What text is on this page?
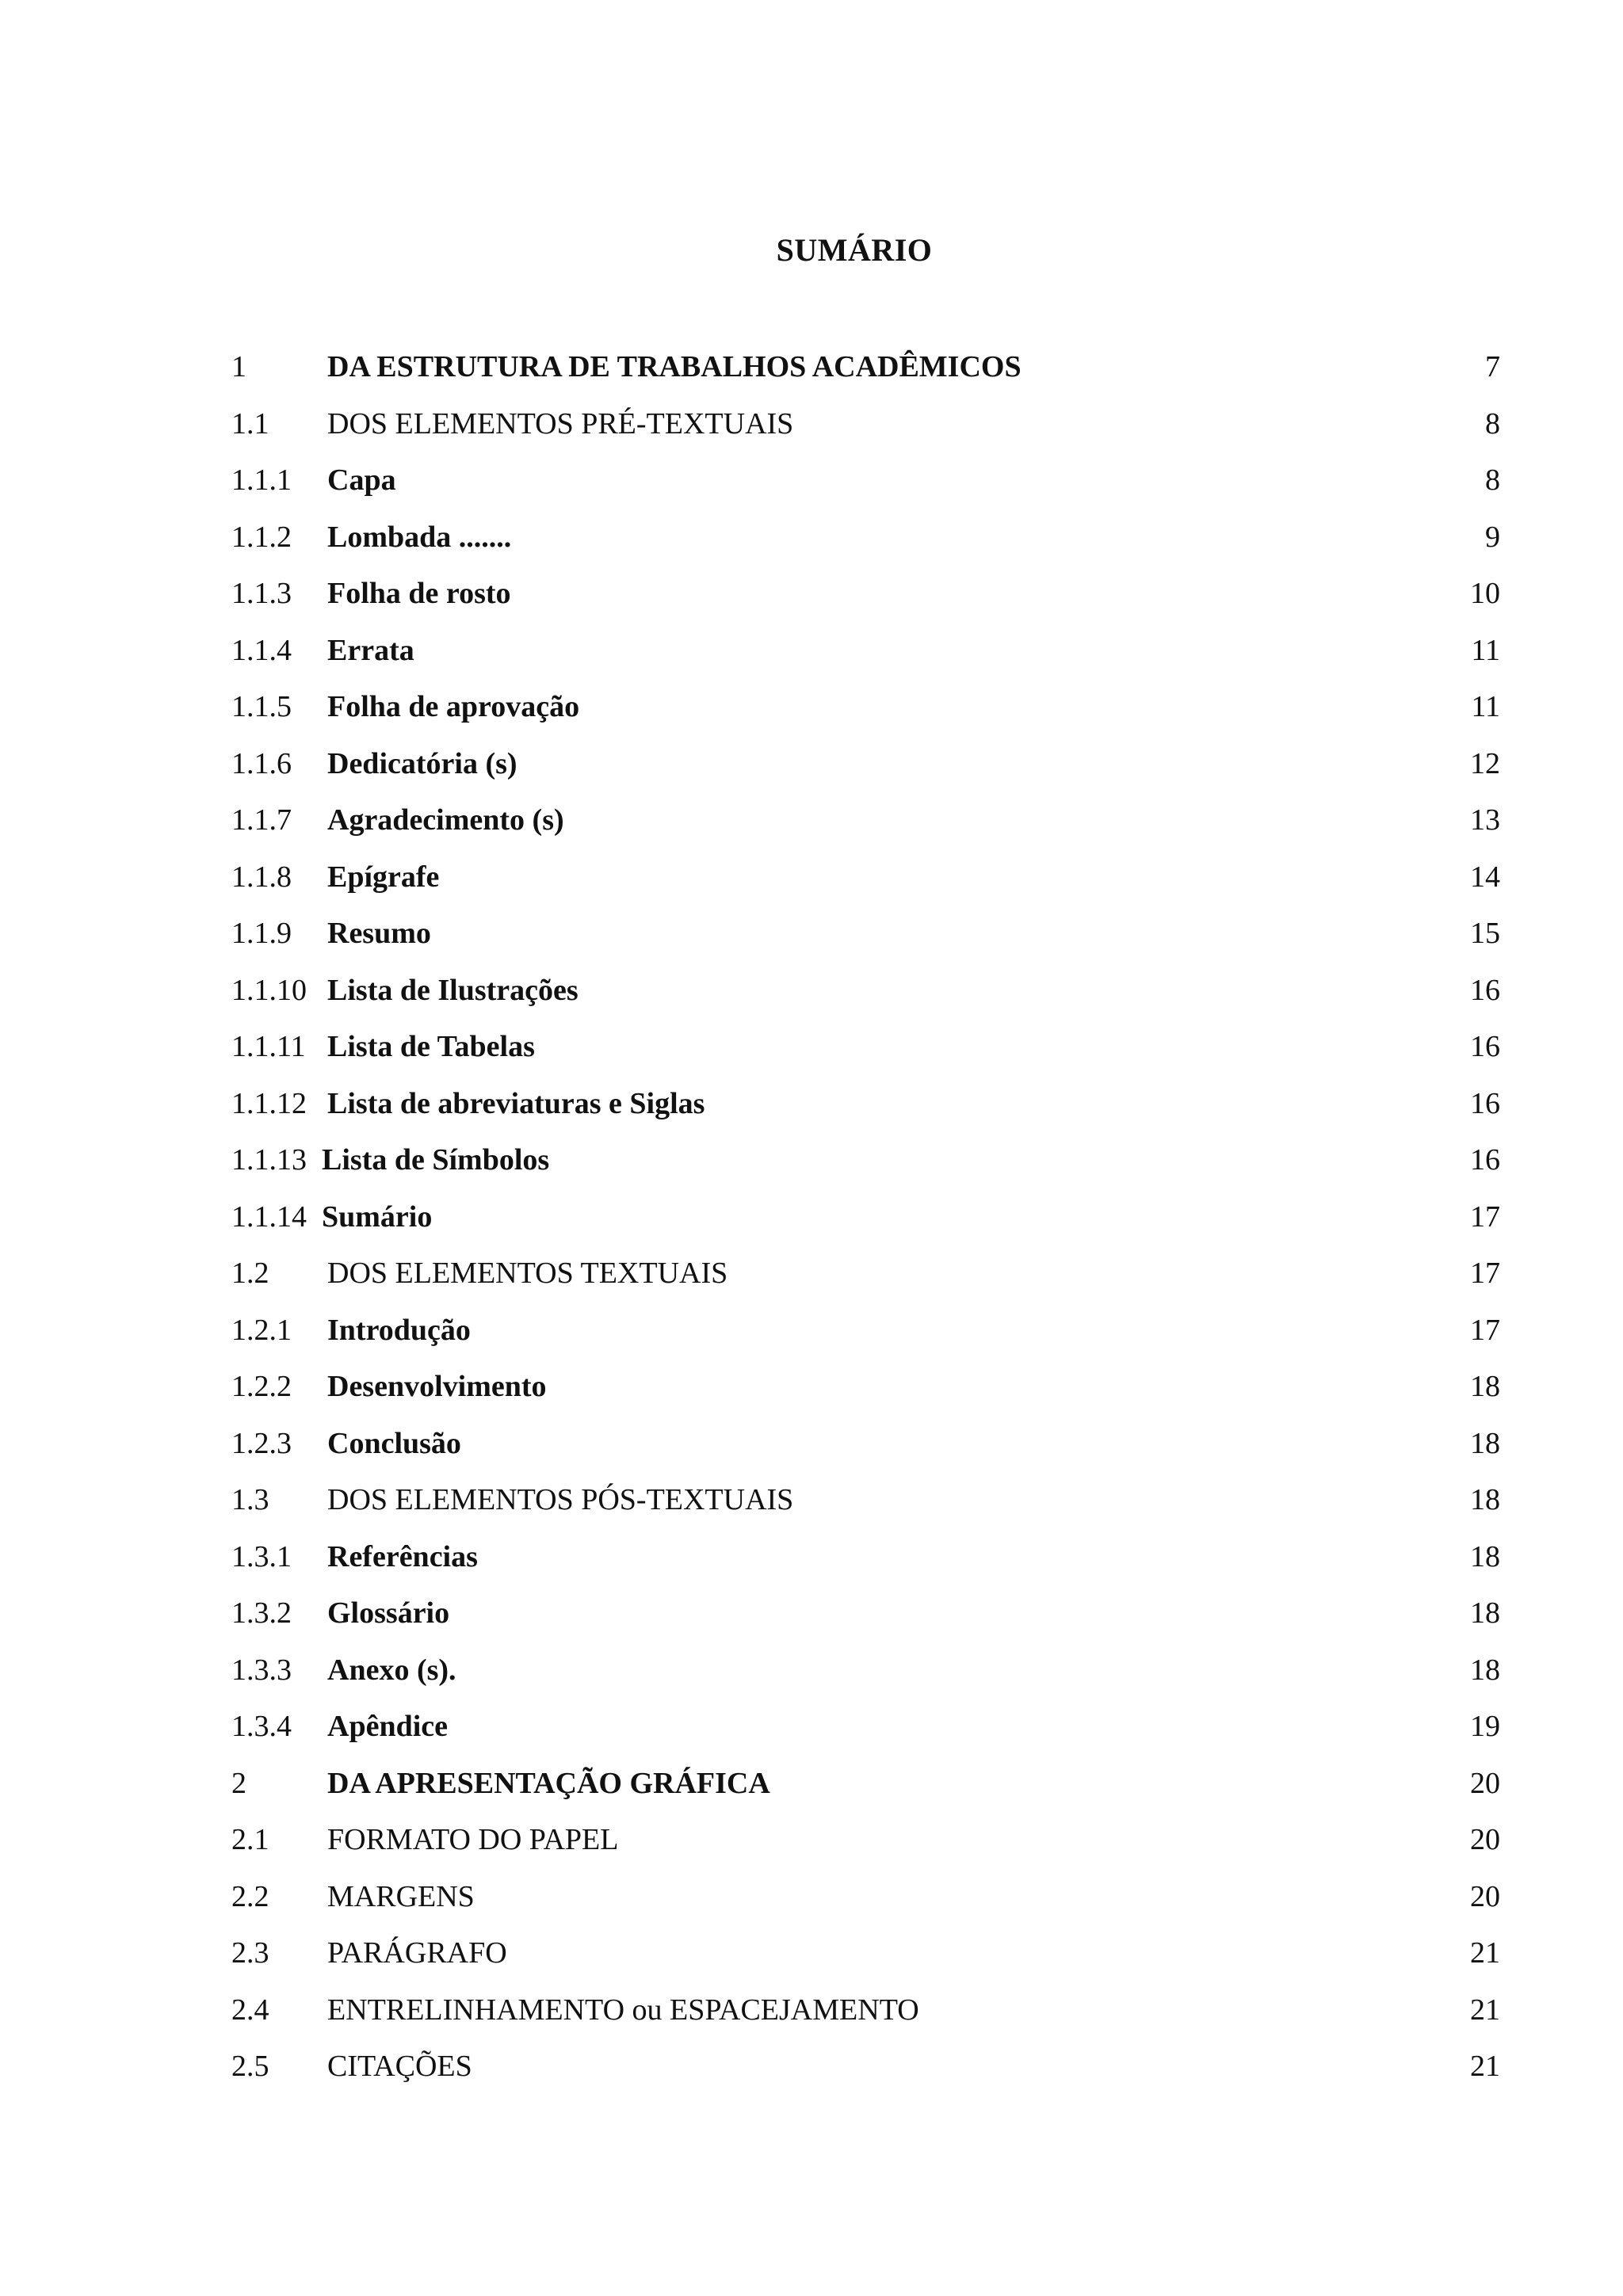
SUMÁRIO
1	DA ESTRUTURA DE TRABALHOS ACADÊMICOS .....	7
1.1 DOS ELEMENTOS PRÉ-TEXTUAIS .....	8
1.1.1 Capa .....	8
1.1.2 Lombada ....... .....	9
1.1.3 Folha de rosto .....	10
1.1.4 Errata .....	11
1.1.5 Folha de aprovação .....	11
1.1.6 Dedicatória (s) .....	12
1.1.7 Agradecimento (s) .....	13
1.1.8 Epígrafe .....	14
1.1.9 Resumo .....	15
1.1.10 Lista de Ilustrações .....	16
1.1.11 Lista de Tabelas .....	16
1.1.12 Lista de abreviaturas e Siglas .....	16
1.1.13 Lista de Símbolos .....	16
1.1.14 Sumário .....	17
1.2 DOS ELEMENTOS TEXTUAIS .....	17
1.2.1 Introdução .....	17
1.2.2 Desenvolvimento .....	18
1.2.3 Conclusão .....	18
1.3 DOS ELEMENTOS PÓS-TEXTUAIS .....	18
1.3.1 Referências .....	18
1.3.2 Glossário .....	18
1.3.3 Anexo (s). .....	18
1.3.4 Apêndice .....	19
2	DA APRESENTAÇÃO GRÁFICA .....	20
2.1 FORMATO DO PAPEL .....	20
2.2 MARGENS .....	20
2.3 PARÁGRAFO .....	21
2.4 ENTRELINHAMENTO ou ESPACEJAMENTO .....	21
2.5 CITAÇÕES .....	21
